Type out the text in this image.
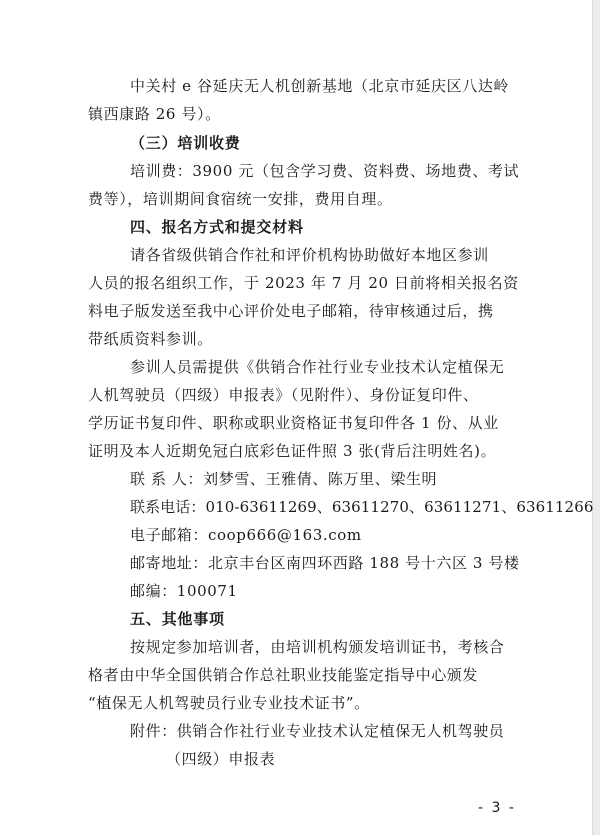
中关村 e 谷延庆无人机创新基地（北京市延庆区八达岭
镇西康路 26 号）。
（三）培训收费
培训费：3900 元（包含学习费、资料费、场地费、考试
费等），培训期间食宿统一安排，费用自理。
四、报名方式和提交材料
请各省级供销合作社和评价机构协助做好本地区参训
人员的报名组织工作，于 2023 年 7 月 20 日前将相关报名资
料电子版发送至我中心评价处电子邮箱，待审核通过后，携
带纸质资料参训。
参训人员需提供《供销合作社行业专业技术认定植保无
人机驾驶员（四级）申报表》（见附件）、身份证复印件、
学历证书复印件、职称或职业资格证书复印件各 1 份、从业
证明及本人近期免冠白底彩色证件照 3 张(背后注明姓名)。
联 系 人：刘梦雪、王雅倩、陈万里、梁生明
联系电话：010-63611269、63611270、63611271、63611266
电子邮箱：coop666@163.com
邮寄地址：北京丰台区南四环西路 188 号十六区 3 号楼
邮编：100071
五、其他事项
按规定参加培训者，由培训机构颁发培训证书，考核合
格者由中华全国供销合作总社职业技能鉴定指导中心颁发
“植保无人机驾驶员行业专业技术证书”。
附件：供销合作社行业专业技术认定植保无人机驾驶员
（四级）申报表
- 3 -
